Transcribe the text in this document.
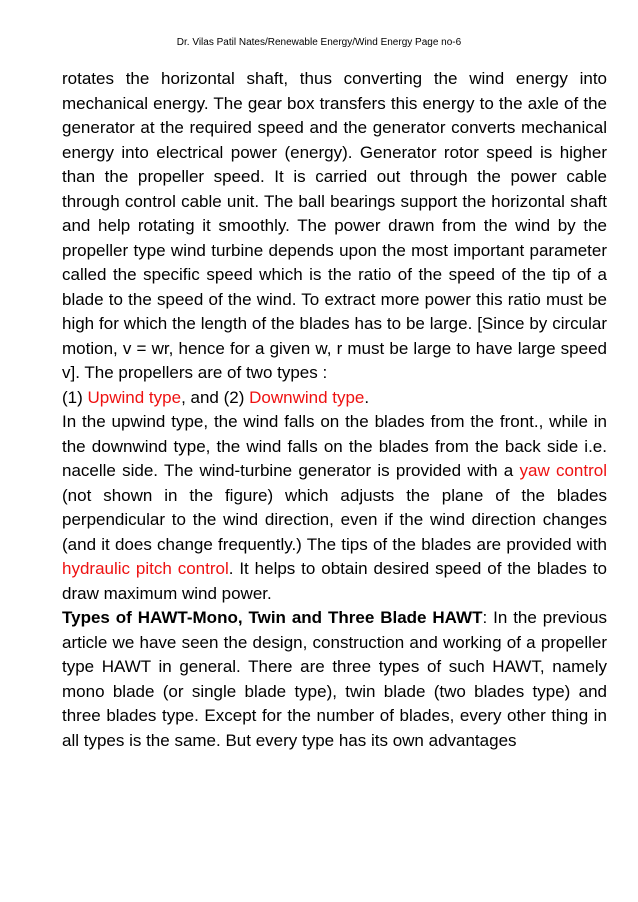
Dr. Vilas Patil Nates/Renewable Energy/Wind Energy Page no-6

rotates the horizontal shaft, thus converting the wind energy into mechanical energy. The gear box transfers this energy to the axle of the generator at the required speed and the generator converts mechanical energy into electrical power (energy). Generator rotor speed is higher than the propeller speed. It is carried out through the power cable through control cable unit. The ball bearings support the horizontal shaft and help rotating it smoothly. The power drawn from the wind by the propeller type wind turbine depends upon the most important parameter called the specific speed which is the ratio of the speed of the tip of a blade to the speed of the wind. To extract more power this ratio must be high for which the length of the blades has to be large. [Since by circular motion, v = wr, hence for a given w, r must be large to have large speed v]. The propellers are of two types :

(1) Upwind type, and (2) Downwind type.

In the upwind type, the wind falls on the blades from the front., while in the downwind type, the wind falls on the blades from the back side i.e. nacelle side. The wind-turbine generator is provided with a yaw control (not shown in the figure) which adjusts the plane of the blades perpendicular to the wind direction, even if the wind direction changes (and it does change frequently.) The tips of the blades are provided with hydraulic pitch control. It helps to obtain desired speed of the blades to draw maximum wind power.

Types of HAWT-Mono, Twin and Three Blade HAWT: In the previous article we have seen the design, construction and working of a propeller type HAWT in general. There are three types of such HAWT, namely mono blade (or single blade type), twin blade (two blades type) and three blades type. Except for the number of blades, every other thing in all types is the same. But every type has its own advantages
